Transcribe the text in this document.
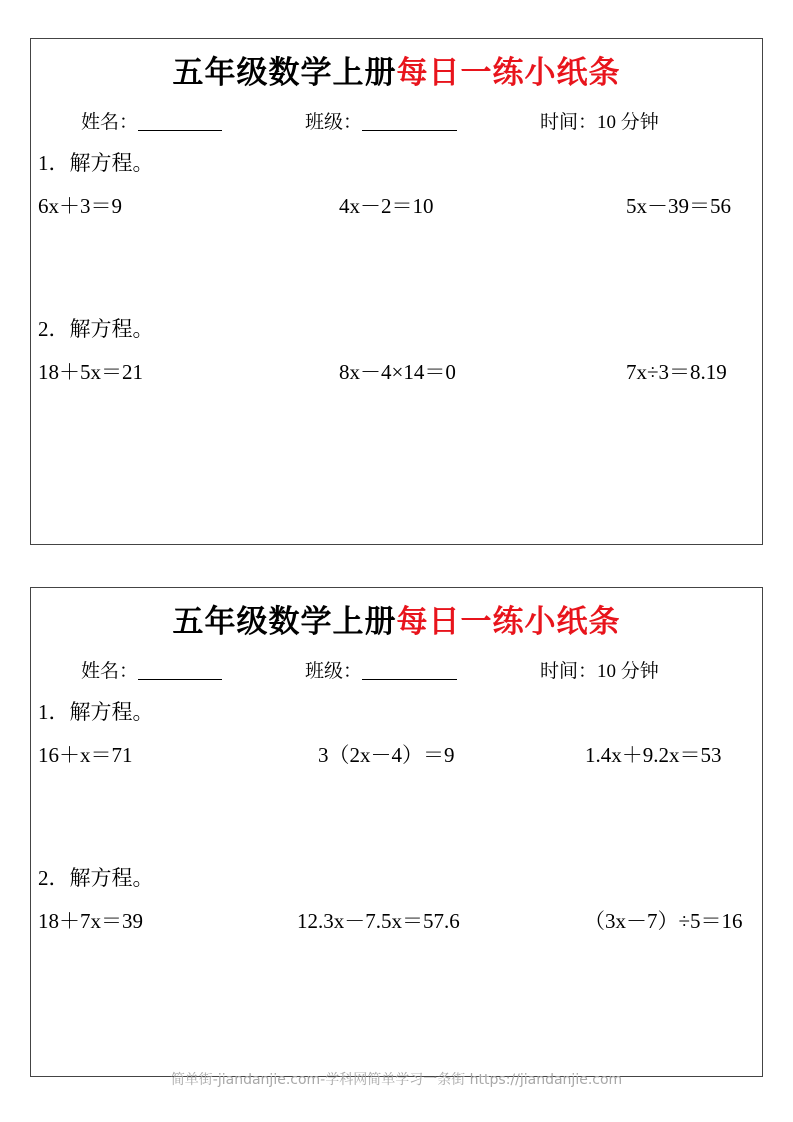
五年级数学上册每日一练小纸条
姓名：	班级：	时间：10 分钟
1．解方程。
6x＋3＝9	4x－2＝10	5x－39＝56
2．解方程。
18＋5x＝21	8x－4×14＝0	7x÷3＝8.19
五年级数学上册每日一练小纸条
姓名：	班级：	时间：10 分钟
1．解方程。
16＋x＝71	3（2x－4）＝9	1.4x＋9.2x＝53
2．解方程。
18＋7x＝39	12.3x－7.5x＝57.6	（3x－7）÷5＝16
简单街-jiandanjie.com-学科网简单学习一条街 https://jiandanjie.com
